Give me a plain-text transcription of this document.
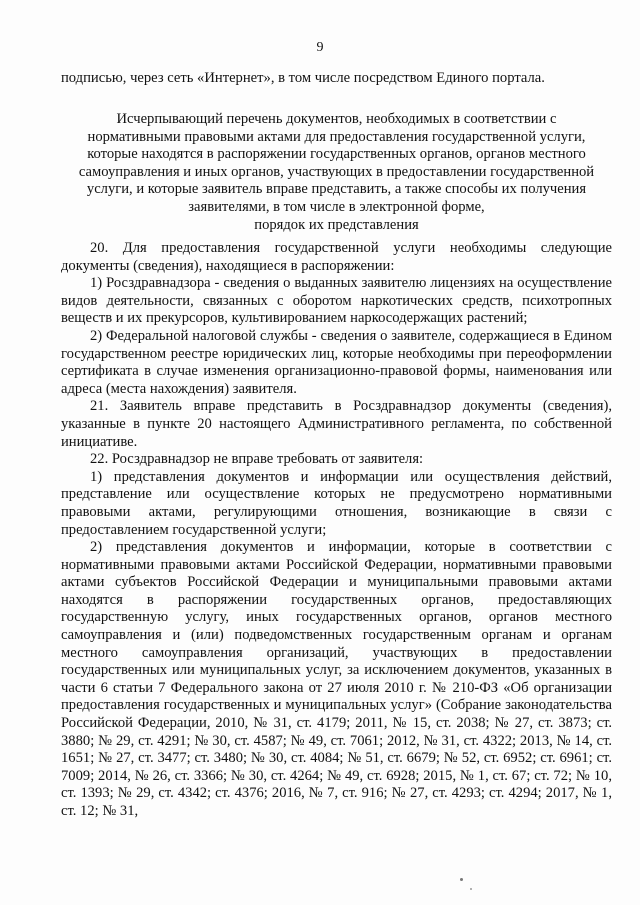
9
подписью, через сеть «Интернет», в том числе посредством Единого портала.
Исчерпывающий перечень документов, необходимых в соответствии с
нормативными правовыми актами для предоставления государственной услуги,
которые находятся в распоряжении государственных органов, органов местного
самоуправления и иных органов, участвующих в предоставлении государственной
услуги, и которые заявитель вправе представить, а также способы их получения
заявителями, в том числе в электронной форме,
порядок их представления

20. Для предоставления государственной услуги необходимы следующие документы (сведения), находящиеся в распоряжении:

1) Росздравнадзора - сведения о выданных заявителю лицензиях на осуществление видов деятельности, связанных с оборотом наркотических средств, психотропных веществ и их прекурсоров, культивированием наркосодержащих растений;

2) Федеральной налоговой службы - сведения о заявителе, содержащиеся в Едином государственном реестре юридических лиц, которые необходимы при переоформлении сертификата в случае изменения организационно-правовой формы, наименования или адреса (места нахождения) заявителя.

21. Заявитель вправе представить в Росздравнадзор документы (сведения), указанные в пункте 20 настоящего Административного регламента, по собственной инициативе.

22. Росздравнадзор не вправе требовать от заявителя:

1) представления документов и информации или осуществления действий, представление или осуществление которых не предусмотрено нормативными правовыми актами, регулирующими отношения, возникающие в связи с предоставлением государственной услуги;

2) представления документов и информации, которые в соответствии с нормативными правовыми актами Российской Федерации, нормативными правовыми актами субъектов Российской Федерации и муниципальными правовыми актами находятся в распоряжении государственных органов, предоставляющих государственную услугу, иных государственных органов, органов местного самоуправления и (или) подведомственных государственным органам и органам местного самоуправления организаций, участвующих в предоставлении государственных или муниципальных услуг, за исключением документов, указанных в части 6 статьи 7 Федерального закона от 27 июля 2010 г. № 210-ФЗ «Об организации предоставления государственных и муниципальных услуг» (Собрание законодательства Российской Федерации, 2010, № 31, ст. 4179; 2011, № 15, ст. 2038; № 27, ст. 3873; ст. 3880; № 29, ст. 4291; № 30, ст. 4587; № 49, ст. 7061; 2012, № 31, ст. 4322; 2013, № 14, ст. 1651; № 27, ст. 3477; ст. 3480; № 30, ст. 4084; № 51, ст. 6679; № 52, ст. 6952; ст. 6961; ст. 7009; 2014, № 26, ст. 3366; № 30, ст. 4264; № 49, ст. 6928; 2015, № 1, ст. 67; ст. 72; № 10, ст. 1393; № 29, ст. 4342; ст. 4376; 2016, № 7, ст. 916; № 27, ст. 4293; ст. 4294; 2017, № 1, ст. 12; № 31,
